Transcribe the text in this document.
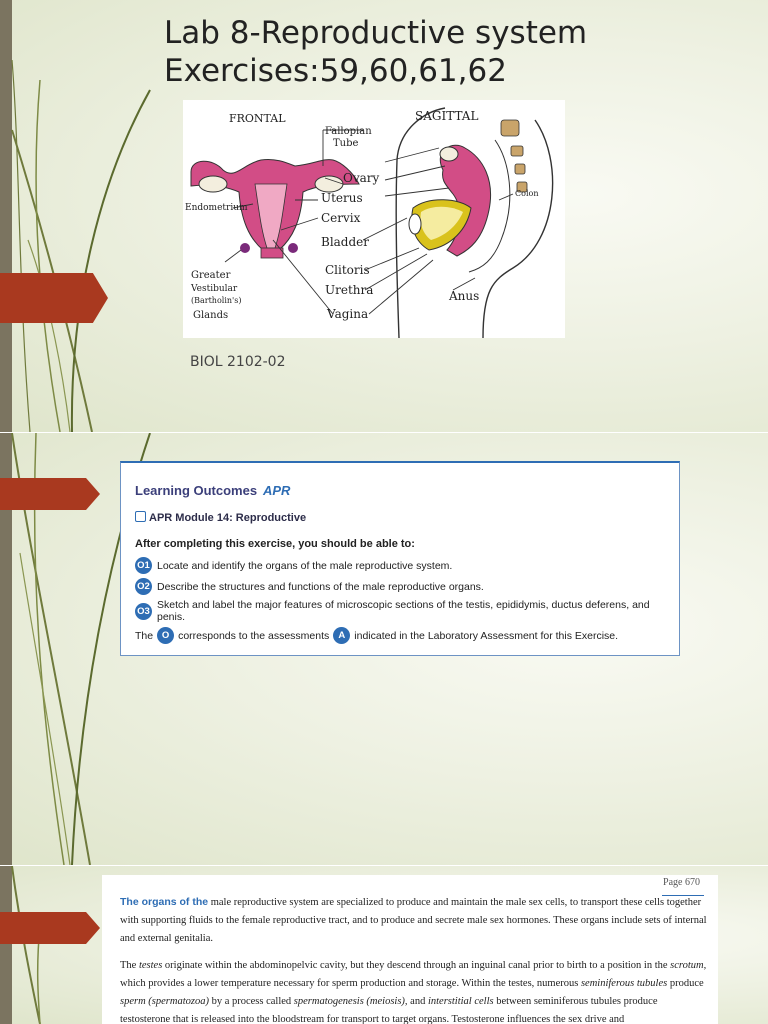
Lab 8-Reproductive system
Exercises:59,60,61,62
FRONTAL	SAGITTAL
Fallopian
Tube
Ovary
Uterus
Cervix
Bladder
Clitoris
Urethra
Vagina
Endometrium
Colon
Anus
Greater
Vestibular
(Bartholin's)
Glands
BIOL 2102-02
Learning Outcomes APR
APR Module 14: Reproductive
After completing this exercise, you should be able to:
O1 Locate and identify the organs of the male reproductive system.
O2 Describe the structures and functions of the male reproductive organs.
O3 Sketch and label the major features of microscopic sections of the testis, epididymis, ductus deferens, and penis.
The O corresponds to the assessments A indicated in the Laboratory Assessment for this Exercise.
Page 670
The organs of the male reproductive system are specialized to produce and maintain the male sex cells, to transport these cells together with supporting fluids to the female reproductive tract, and to produce and secrete male sex hormones. These organs include sets of internal and external genitalia.
The testes originate within the abdominopelvic cavity, but they descend through an inguinal canal prior to birth to a position in the scrotum, which provides a lower temperature necessary for sperm production and storage. Within the testes, numerous seminiferous tubules produce sperm (spermatozoa) by a process called spermatogenesis (meiosis), and interstitial cells between seminiferous tubules produce testosterone that is released into the bloodstream for transport to target organs. Testosterone influences the sex drive and
